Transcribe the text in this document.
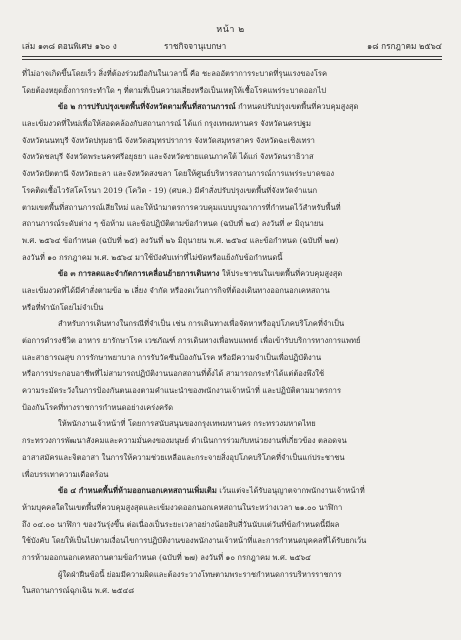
หน้า ๒
เล่ม ๑๓๘ ตอนพิเศษ ๑๖๐ ง	ราชกิจจานุเบกษา	๑๘ กรกฎาคม ๒๕๖๔
ที่ไม่อาจเกิดขึ้นโดยเร็ว สิ่งที่ต้องร่วมมือกันในเวลานี้ คือ ชะลออัตราการระบาดที่รุนแรงของโรค
โดยต้องหยุดยั้งการกระทำใด ๆ ที่ตามที่เป็นความเสี่ยงหรือเป็นเหตุให้เชื้อโรคแพร่ระบาดออกไป
ข้อ ๒ การปรับปรุงเขตพื้นที่จังหวัดตามพื้นที่สถานการณ์ กำหนดปรับปรุงเขตพื้นที่ควบคุมสูงสุด
และเข้มงวดที่ใหม่เพื่อให้สอดคล้องกับสถานการณ์ ได้แก่ กรุงเทพมหานคร จังหวัดนครปฐม
จังหวัดนนทบุรี จังหวัดปทุมธานี จังหวัดสมุทรปราการ จังหวัดสมุทรสาคร จังหวัดฉะเชิงเทรา
จังหวัดชลบุรี จังหวัดพระนครศรีอยุธยา และจังหวัดชายแดนภาคใต้ ได้แก่ จังหวัดนราธิวาส
จังหวัดปัตตานี จังหวัดยะลา และจังหวัดสงขลา โดยให้ศูนย์บริหารสถานการณ์การแพร่ระบาดของ
โรคติดเชื้อไวรัสโคโรนา 2019 (โควิด - 19) (ศบค.) มีคำสั่งปรับปรุงเขตพื้นที่จังหวัดจำแนก
ตามเขตพื้นที่สถานการณ์เสียใหม่ และให้นำมาตรการควบคุมแบบบูรณาการที่กำหนดไว้สำหรับพื้นที่
สถานการณ์ระดับต่าง ๆ ข้อห้าม และข้อปฏิบัติตามข้อกำหนด (ฉบับที่ ๒๔) ลงวันที่ ๙ มิถุนายน
พ.ศ. ๒๕๖๔ ข้อกำหนด (ฉบับที่ ๒๕) ลงวันที่ ๒๖ มิถุนายน พ.ศ. ๒๕๖๔ และข้อกำหนด (ฉบับที่ ๒๗)
ลงวันที่ ๑๐ กรกฎาคม พ.ศ. ๒๕๖๔ มาใช้บังคับเท่าที่ไม่ขัดหรือแย้งกับข้อกำหนดนี้
ข้อ ๓ การลดและจำกัดการเคลื่อนย้ายการเดินทาง ให้ประชาชนในเขตพื้นที่ควบคุมสูงสุด
และเข้มงวดที่ได้มีคำสั่งตามข้อ ๒ เลี่ยง จำกัด หรืองดเว้นการกิจที่ต้องเดินทางออกนอกเคหสถาน
หรือที่พำนักโดยไม่จำเป็น
สำหรับการเดินทางในกรณีที่จำเป็น เช่น การเดินทางเพื่อจัดหาหรืออุปโภคบริโภคที่จำเป็น
ต่อการดำรงชีวิต อาหาร ยารักษาโรค เวชภัณฑ์ การเดินทางเพื่อพบแพทย์ เพื่อเข้ารับบริการทางการแพทย์
และสาธารณสุข การรักษาพยาบาล การรับวัคซีนป้องกันโรค หรือมีความจำเป็นเพื่อปฏิบัติงาน
หรือการประกอบอาชีพที่ไม่สามารถปฏิบัติงานนอกสถานที่ตั้งได้ สามารถกระทำได้แต่ต้องพึงใช้
ความระมัดระวังในการป้องกันตนเองตามคำแนะนำของพนักงานเจ้าหน้าที่ และปฏิบัติตามมาตรการ
ป้องกันโรคที่ทางราชการกำหนดอย่างเคร่งครัด
ให้พนักงานเจ้าหน้าที่ โดยการสนับสนุนของกรุงเทพมหานคร กระทรวงมหาดไทย
กระทรวงการพัฒนาสังคมและความมั่นคงของมนุษย์ ดำเนินการร่วมกับหน่วยงานที่เกี่ยวข้อง ตลอดจน
อาสาสมัครและจิตอาสา ในการให้ความช่วยเหลือและกระจายสิ่งอุปโภคบริโภคที่จำเป็นแก่ประชาชน
เพื่อบรรเทาความเดือดร้อน
ข้อ ๔ กำหนดพื้นที่ห้ามออกนอกเคหสถานเพิ่มเติม เว้นแต่จะได้รับอนุญาตจากพนักงานเจ้าหน้าที่
ห้ามบุคคลใดในเขตพื้นที่ควบคุมสูงสุดและเข้มงวดออกนอกเคหสถานในระหว่างเวลา ๒๑.๐๐ นาฬิกา
ถึง ๐๔.๐๐ นาฬิกา ของวันรุ่งขึ้น ต่อเนื่องเป็นระยะเวลาอย่างน้อยสิบสี่วันนับแต่วันที่ข้อกำหนดนี้มีผล
ใช้บังคับ โดยให้เป็นไปตามเงื่อนไขการปฏิบัติงานของพนักงานเจ้าหน้าที่และการกำหนดบุคคลที่ได้รับยกเว้น
การห้ามออกนอกเคหสถานตามข้อกำหนด (ฉบับที่ ๒๗) ลงวันที่ ๑๐ กรกฎาคม พ.ศ. ๒๕๖๔
ผู้ใดฝ่าฝืนข้อนี้ ย่อมมีความผิดและต้องระวางโทษตามพระราชกำหนดการบริหารราชการ
ในสถานการณ์ฉุกเฉิน พ.ศ. ๒๕๔๘
